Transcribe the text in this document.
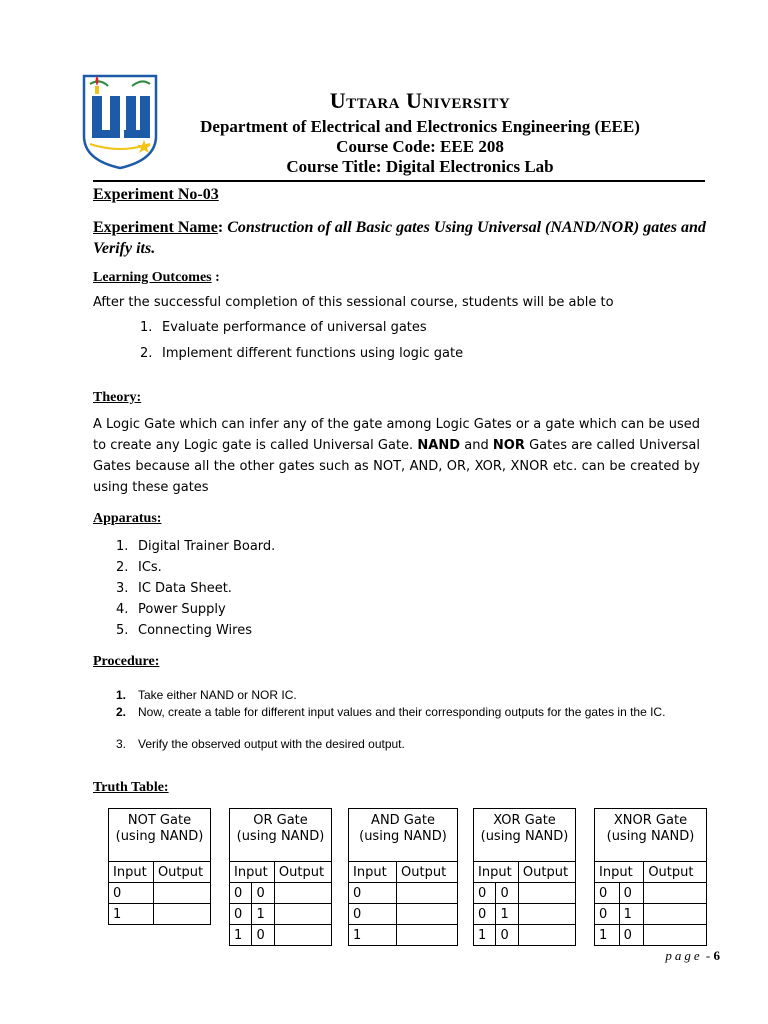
Uttara University
Department of Electrical and Electronics Engineering (EEE)
Course Code: EEE 208
Course Title: Digital Electronics Lab
Experiment No-03
Experiment Name: Construction of all Basic gates Using Universal (NAND/NOR) gates and Verify its.
Learning Outcomes :
After the successful completion of this sessional course, students will be able to
1. Evaluate performance of universal gates
2. Implement different functions using logic gate
Theory:
A Logic Gate which can infer any of the gate among Logic Gates or a gate which can be used to create any Logic gate is called Universal Gate. NAND and NOR Gates are called Universal Gates because all the other gates such as NOT, AND, OR, XOR, XNOR etc. can be created by using these gates
Apparatus:
1. Digital Trainer Board.
2. ICs.
3. IC Data Sheet.
4. Power Supply
5. Connecting Wires
Procedure:
1. Take either NAND or NOR IC.
2. Now, create a table for different input values and their corresponding outputs for the gates in the IC.
3. Verify the observed output with the desired output.
Truth Table:
NOT Gate (using NAND)	
Input	Output
0	
1	
OR Gate (using NAND)		
Input		Output
0	0	
0	1	
1	0	
AND Gate (using NAND)	
Input	Output
0	
0	
1	
XOR Gate (using NAND)		
Input		Output
0	0	
0	1	
1	0	
XNOR Gate (using NAND)		
Input		Output
0	0	
0	1	
1	0	
page - 6
